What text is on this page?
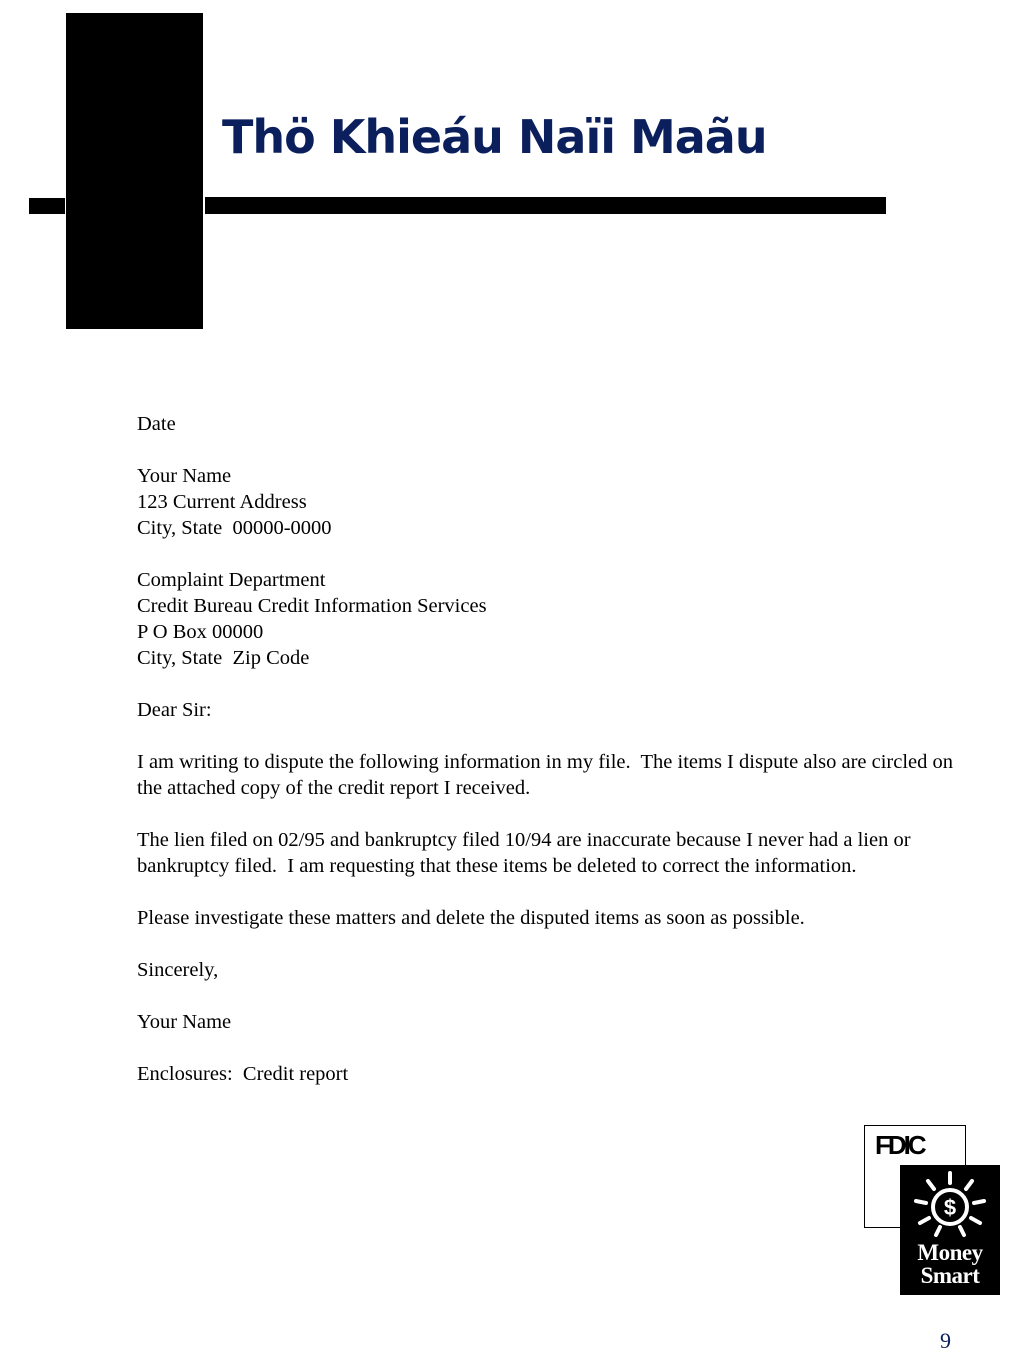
Thö Khieáu Naïi Maãu

Date

Your Name
123 Current Address
City, State  00000-0000

Complaint Department
Credit Bureau Credit Information Services
P O Box 00000
City, State  Zip Code

Dear Sir:

I am writing to dispute the following information in my file.  The items I dispute also are circled on the attached copy of the credit report I received.

The lien filed on 02/95 and bankruptcy filed 10/94 are inaccurate because I never had a lien or bankruptcy filed.  I am requesting that these items be deleted to correct the information.

Please investigate these matters and delete the disputed items as soon as possible.

Sincerely,

Your Name

Enclosures:  Credit report

FDIC
$
Money
Smart
9
